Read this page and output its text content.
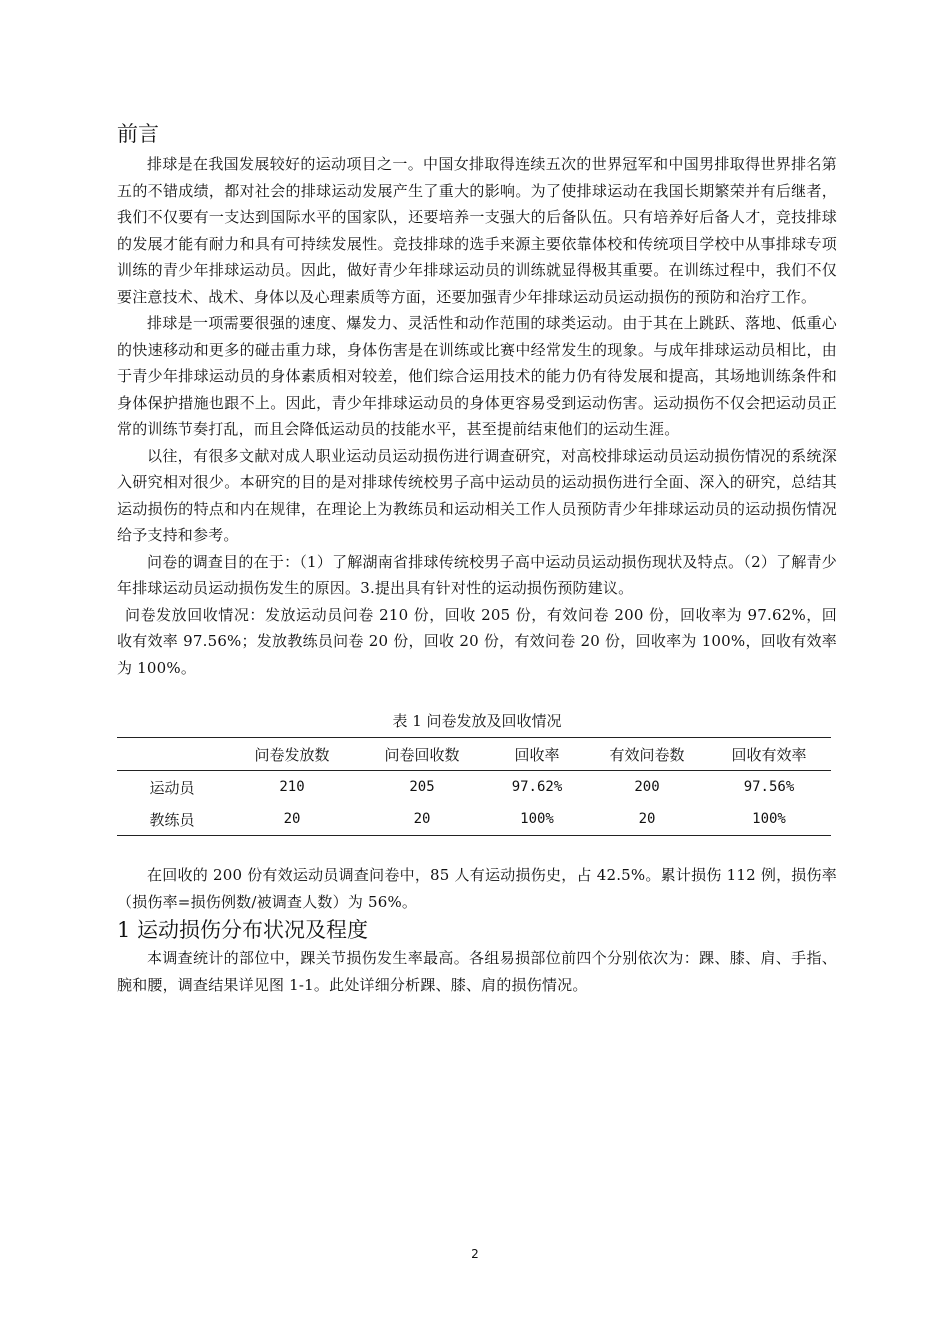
前言

排球是在我国发展较好的运动项目之一。中国女排取得连续五次的世界冠军和中国男排取得世界排名第五的不错成绩，都对社会的排球运动发展产生了重大的影响。为了使排球运动在我国长期繁荣并有后继者，我们不仅要有一支达到国际水平的国家队，还要培养一支强大的后备队伍。只有培养好后备人才，竞技排球的发展才能有耐力和具有可持续发展性。竞技排球的选手来源主要依靠体校和传统项目学校中从事排球专项训练的青少年排球运动员。因此，做好青少年排球运动员的训练就显得极其重要。在训练过程中，我们不仅要注意技术、战术、身体以及心理素质等方面，还要加强青少年排球运动员运动损伤的预防和治疗工作。

排球是一项需要很强的速度、爆发力、灵活性和动作范围的球类运动。由于其在上跳跃、落地、低重心的快速移动和更多的碰击重力球，身体伤害是在训练或比赛中经常发生的现象。与成年排球运动员相比，由于青少年排球运动员的身体素质相对较差，他们综合运用技术的能力仍有待发展和提高，其场地训练条件和身体保护措施也跟不上。因此，青少年排球运动员的身体更容易受到运动伤害。运动损伤不仅会把运动员正常的训练节奏打乱，而且会降低运动员的技能水平，甚至提前结束他们的运动生涯。

以往，有很多文献对成人职业运动员运动损伤进行调查研究，对高校排球运动员运动损伤情况的系统深入研究相对很少。本研究的目的是对排球传统校男子高中运动员的运动损伤进行全面、深入的研究，总结其运动损伤的特点和内在规律，在理论上为教练员和运动相关工作人员预防青少年排球运动员的运动损伤情况给予支持和参考。

问卷的调查目的在于：（1）了解湖南省排球传统校男子高中运动员运动损伤现状及特点。（2）了解青少年排球运动员运动损伤发生的原因。3.提出具有针对性的运动损伤预防建议。

问卷发放回收情况：发放运动员问卷 210 份，回收 205 份，有效问卷 200 份，回收率为 97.62%，回收有效率 97.56%；发放教练员问卷 20 份，回收 20 份，有效问卷 20 份，回收率为 100%，回收有效率为 100%。

表 1 问卷发放及回收情况
	问卷发放数	问卷回收数	回收率	有效问卷数	回收有效率
运动员	210	205	97.62%	200	97.56%
教练员	20	20	100%	20	100%

在回收的 200 份有效运动员调查问卷中，85 人有运动损伤史，占 42.5%。累计损伤 112 例，损伤率（损伤率=损伤例数/被调查人数）为 56%。

1 运动损伤分布状况及程度

本调查统计的部位中，踝关节损伤发生率最高。各组易损部位前四个分别依次为：踝、膝、肩、手指、腕和腰，调查结果详见图 1-1。此处详细分析踝、膝、肩的损伤情况。

2
